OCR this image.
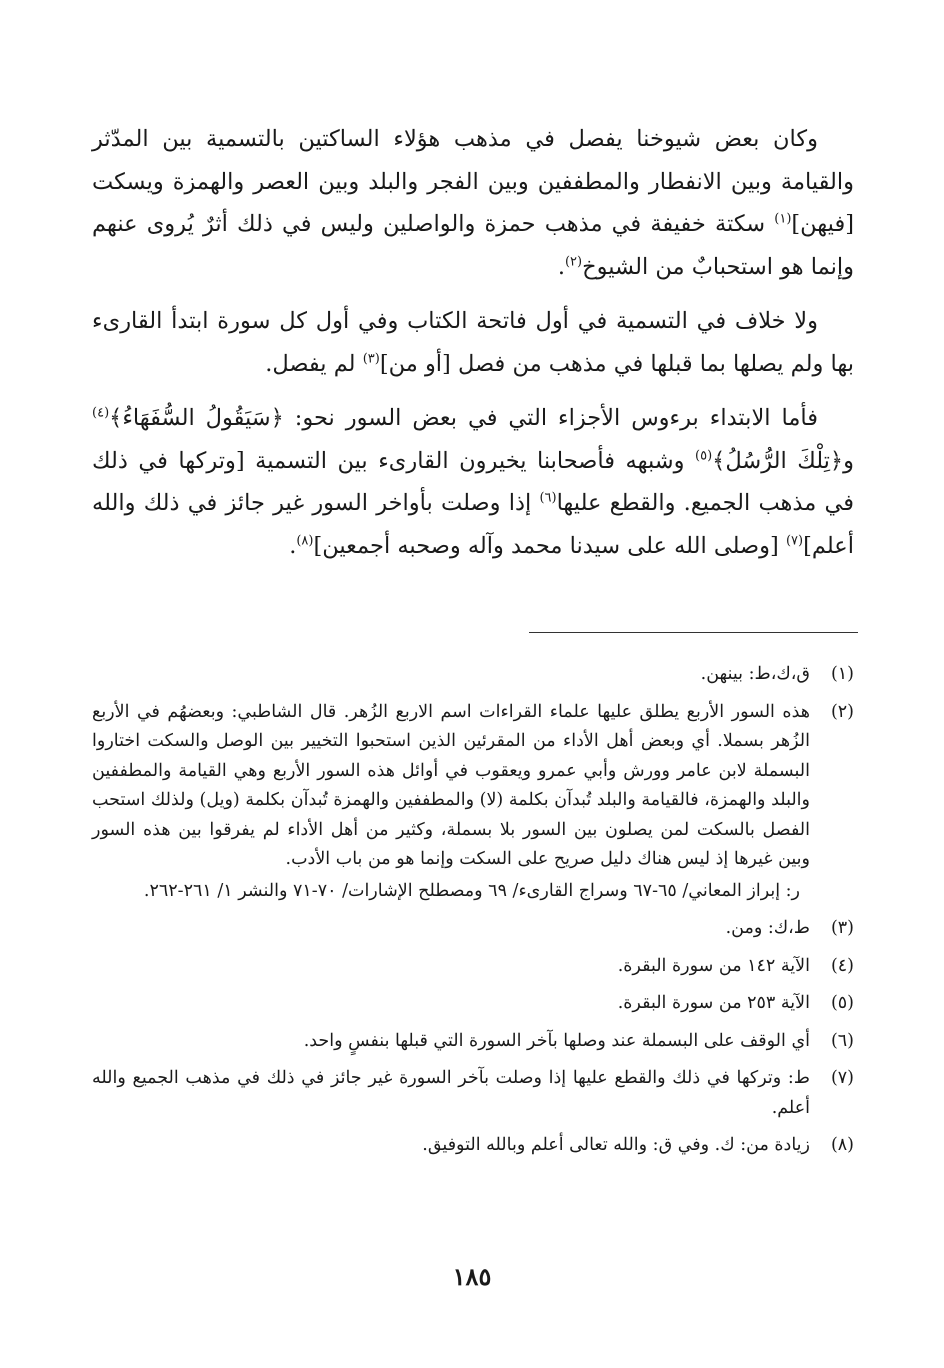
وكان بعض شيوخنا يفصل في مذهب هؤلاء الساكتين بالتسمية بين المدّثر والقيامة وبين الانفطار والمطففين وبين الفجر والبلد وبين العصر والهمزة ويسكت [فيهن]$^{(١)}$ سكتة خفيفة في مذهب حمزة والواصلين وليس في ذلك أثرٌ يُروى عنهم وإنما هو استحبابٌ من الشيوخ$^{(٢)}$.

ولا خلاف في التسمية في أول فاتحة الكتاب وفي أول كل سورة ابتدأ القارىء بها ولم يصلها بما قبلها في مذهب من فصل [أو من]$^{(٣)}$ لم يفصل.

فأما الابتداء برءوس الأجزاء التي في بعض السور نحو: ﴿سَيَقُولُ السُّفَهَاءُ﴾$^{(٤)}$ و﴿تِلْكَ الرُّسُلُ﴾$^{(٥)}$ وشبهه فأصحابنا يخيرون القارىء بين التسمية [وتركها في ذلك في مذهب الجميع. والقطع عليها$^{(٦)}$ إذا وصلت بأواخر السور غير جائز في ذلك والله أعلم]$^{(٧)}$ [وصلى الله على سيدنا محمد وآله وصحبه أجمعين]$^{(٨)}$.

(١)

ق،ك،ط: بينهن.

(٢)

هذه السور الأربع يطلق عليها علماء القراءات اسم الاربع الزُهر. قال الشاطبي: وبعضهُم في الأربع الزُهر بسملا. أي وبعض أهل الأداء من المقرئين الذين استحبوا التخيير بين الوصل والسكت اختاروا البسملة لابن عامر وورش وأبي عمرو ويعقوب في أوائل هذه السور الأربع وهي القيامة والمطففين والبلد والهمزة، فالقيامة والبلد تُبدآن بكلمة (لا) والمطففين والهمزة تُبدآن بكلمة (ويل) ولذلك استحب الفصل بالسكت لمن يصلون بين السور بلا بسملة، وكثير من أهل الأداء لم يفرقوا بين هذه السور وبين غيرها إذ ليس هناك دليل صريح على السكت وإنما هو من باب الأدب.

ر: إبراز المعاني/ ٦٥-٦٧ وسراج القارىء/ ٦٩ ومصطلح الإشارات/ ٧٠-٧١ والنشر ١/ ٢٦١-٢٦٢.

(٣)

ط،ك: ومن.

(٤)

الآية ١٤٢ من سورة البقرة.

(٥)

الآية ٢٥٣ من سورة البقرة.

(٦)

أي الوقف على البسملة عند وصلها بآخر السورة التي قبلها بنفسٍ واحد.

(٧)

ط: وتركها في ذلك والقطع عليها إذا وصلت بآخر السورة غير جائز في ذلك في مذهب الجميع والله أعلم.

(٨)

زيادة من: ك. وفي ق: والله تعالى أعلم وبالله التوفيق.

١٨٥
